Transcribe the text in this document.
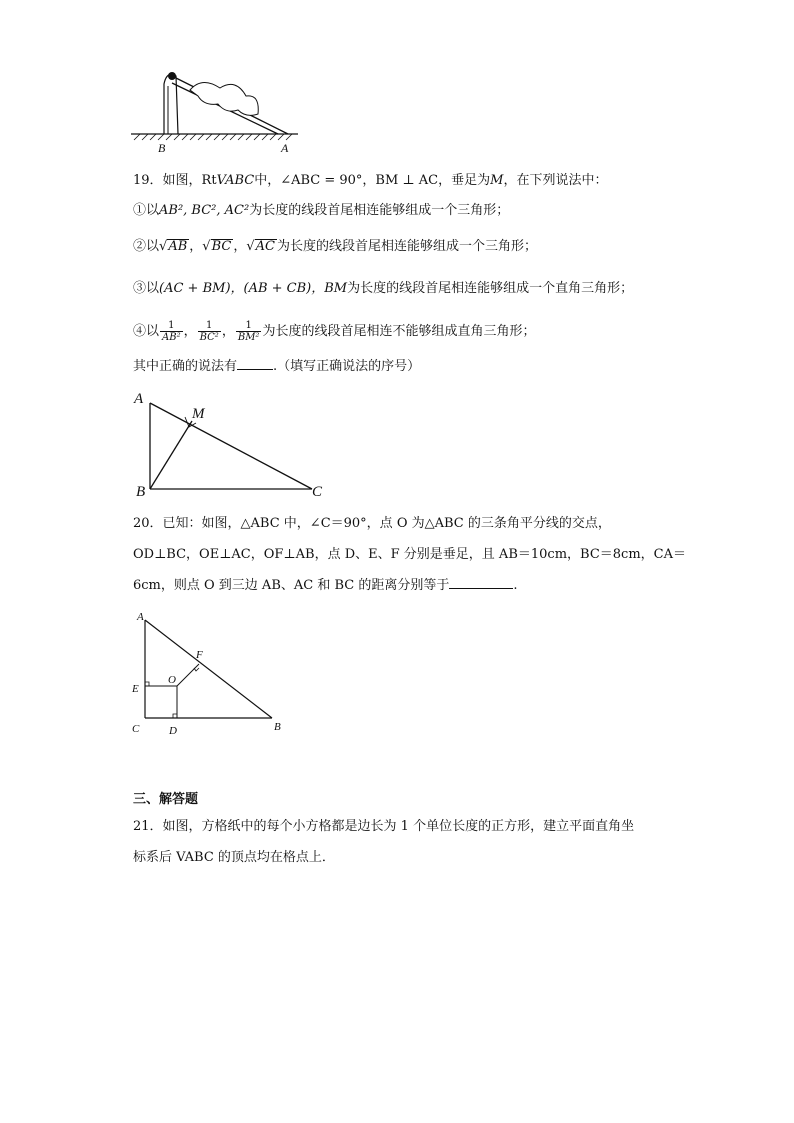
B	A
19．如图，RtVABC中，∠ABC = 90°，BM ⊥ AC，垂足为M，在下列说法中：
①以AB², BC², AC²为长度的线段首尾相连能够组成一个三角形；
②以√AB ，√BC ，√AC 为长度的线段首尾相连能够组成一个三角形；
③以(AC + BM)，(AB + CB)，BM为长度的线段首尾相连能够组成一个直角三角形；
④以 $\frac{1}{\text{AB²}}$ ， $\frac{1}{\text{BC²}}$ ， $\frac{1}{\text{BM²}}$ 为长度的线段首尾相连不能够组成直角三角形；
其中正确的说法有	.（填写正确说法的序号）
A
M
B	C
20．已知：如图，△ABC 中，∠C＝90°，点 O 为△ABC 的三条角平分线的交点，
OD⊥BC，OE⊥AC，OF⊥AB，点 D、E、F 分别是垂足，且 AB＝10cm，BC＝8cm，CA＝
6cm，则点 O 到三边 AB、AC 和 BC 的距离分别等于	.
A
F
O
E
C	D	B
三、解答题
21．如图，方格纸中的每个小方格都是边长为 1 个单位长度的正方形，建立平面直角坐
标系后 VABC 的顶点均在格点上．
